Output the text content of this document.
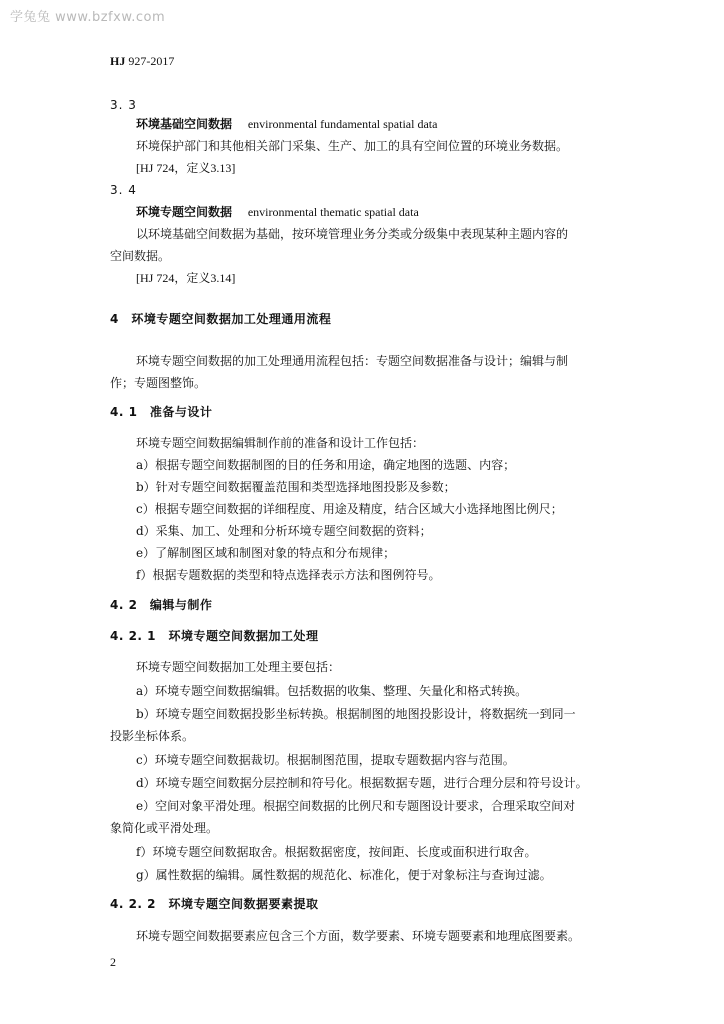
学兔兔 www.bzfxw.com
HJ 927-2017
3. 3
环境基础空间数据 environmental fundamental spatial data
环境保护部门和其他相关部门采集、生产、加工的具有空间位置的环境业务数据。
[HJ 724，定义3.13]
3. 4
环境专题空间数据 environmental thematic spatial data
以环境基础空间数据为基础，按环境管理业务分类或分级集中表现某种主题内容的
空间数据。
[HJ 724，定义3.14]
4　环境专题空间数据加工处理通用流程
环境专题空间数据的加工处理通用流程包括：专题空间数据准备与设计；编辑与制
作；专题图整饰。
4. 1　准备与设计
环境专题空间数据编辑制作前的准备和设计工作包括：
a）根据专题空间数据制图的目的任务和用途，确定地图的选题、内容；
b）针对专题空间数据覆盖范围和类型选择地图投影及参数；
c）根据专题空间数据的详细程度、用途及精度，结合区域大小选择地图比例尺；
d）采集、加工、处理和分析环境专题空间数据的资料；
e）了解制图区域和制图对象的特点和分布规律；
f）根据专题数据的类型和特点选择表示方法和图例符号。
4. 2　编辑与制作
4. 2. 1　环境专题空间数据加工处理
环境专题空间数据加工处理主要包括：
a）环境专题空间数据编辑。包括数据的收集、整理、矢量化和格式转换。
b）环境专题空间数据投影坐标转换。根据制图的地图投影设计，将数据统一到同一
投影坐标体系。
c）环境专题空间数据裁切。根据制图范围，提取专题数据内容与范围。
d）环境专题空间数据分层控制和符号化。根据数据专题，进行合理分层和符号设计。
e）空间对象平滑处理。根据空间数据的比例尺和专题图设计要求，合理采取空间对
象简化或平滑处理。
f）环境专题空间数据取舍。根据数据密度，按间距、长度或面积进行取舍。
g）属性数据的编辑。属性数据的规范化、标准化，便于对象标注与查询过滤。
4. 2. 2　环境专题空间数据要素提取
环境专题空间数据要素应包含三个方面，数学要素、环境专题要素和地理底图要素。
2
